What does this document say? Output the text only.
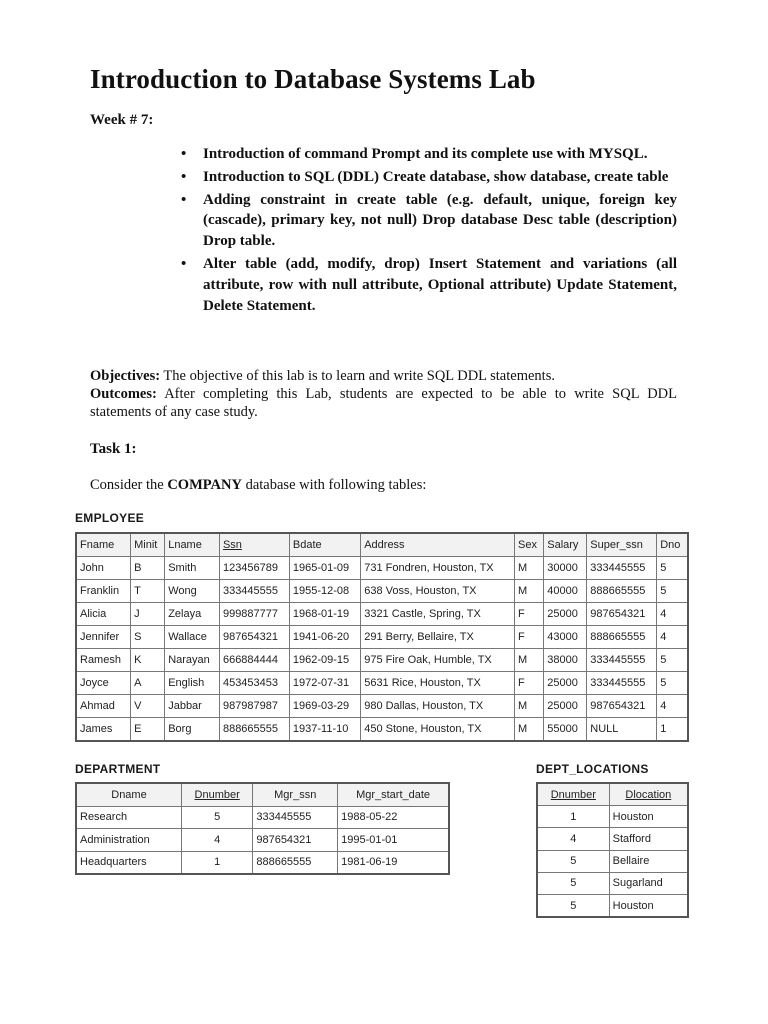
Introduction to Database Systems Lab

Week # 7:

• Introduction of command Prompt and its complete use with MYSQL.
• Introduction to SQL (DDL) Create database, show database, create table
• Adding constraint in create table (e.g. default, unique, foreign key (cascade), primary key, not null) Drop database Desc table (description) Drop table.
• Alter table (add, modify, drop) Insert Statement and variations (all attribute, row with null attribute, Optional attribute) Update Statement, Delete Statement.
Objectives: The objective of this lab is to learn and write SQL DDL statements.
Outcomes: After completing this Lab, students are expected to be able to write SQL DDL statements of any case study.

Task 1:

Consider the COMPANY database with following tables:

EMPLOYEE

Fname	Minit	Lname	Ssn	Bdate	Address	Sex	Salary	Super_ssn	Dno
John	B	Smith	123456789	1965-01-09	731 Fondren, Houston, TX	M	30000	333445555	5
Franklin	T	Wong	333445555	1955-12-08	638 Voss, Houston, TX	M	40000	888665555	5
Alicia	J	Zelaya	999887777	1968-01-19	3321 Castle, Spring, TX	F	25000	987654321	4
Jennifer	S	Wallace	987654321	1941-06-20	291 Berry, Bellaire, TX	F	43000	888665555	4
Ramesh	K	Narayan	666884444	1962-09-15	975 Fire Oak, Humble, TX	M	38000	333445555	5
Joyce	A	English	453453453	1972-07-31	5631 Rice, Houston, TX	F	25000	333445555	5
Ahmad	V	Jabbar	987987987	1969-03-29	980 Dallas, Houston, TX	M	25000	987654321	4
James	E	Borg	888665555	1937-11-10	450 Stone, Houston, TX	M	55000	NULL	1

DEPARTMENT

Dname	Dnumber	Mgr_ssn	Mgr_start_date
Research	5	333445555	1988-05-22
Administration	4	987654321	1995-01-01
Headquarters	1	888665555	1981-06-19

DEPT_LOCATIONS

Dnumber	Dlocation
1	Houston
4	Stafford
5	Bellaire
5	Sugarland
5	Houston
